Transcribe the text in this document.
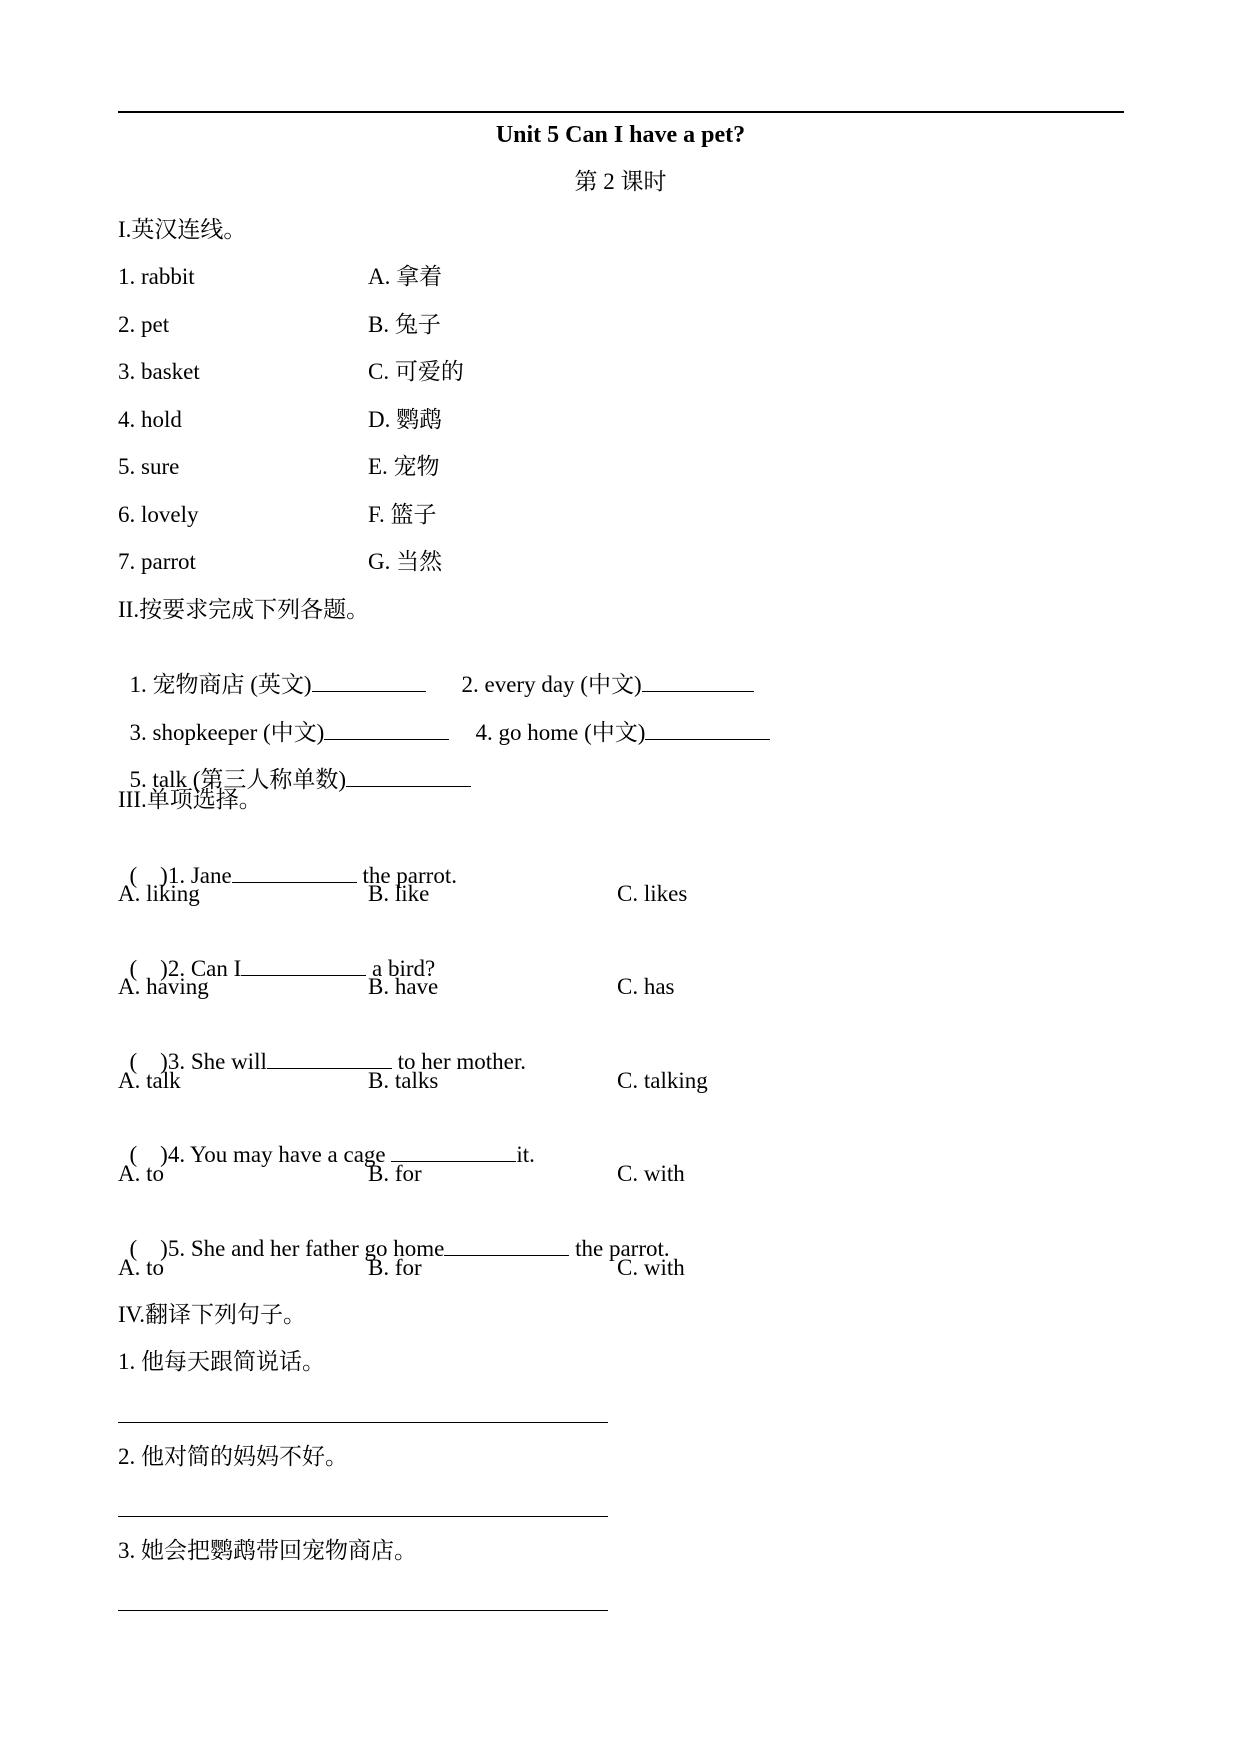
Unit 5 Can I have a pet?
第 2 课时
I.英汉连线。
1. rabbit	A. 拿着
2. pet	B. 兔子
3. basket	C. 可爱的
4. hold	D. 鹦鹉
5. sure	E. 宠物
6. lovely	F. 篮子
7. parrot	G. 当然
II.按要求完成下列各题。

1. 宠物商店 (英文)	2. every day (中文)

3. shopkeeper (中文)	4. go home (中文)

5. talk (第三人称单数)

III.单项选择。

(    )1. Jane	the parrot.

A. liking	B. like	C. likes

(    )2. Can I	a bird?

A. having	B. have	C. has

(    )3. She will	to her mother.

A. talk	B. talks	C. talking

(    )4. You may have a cage	it.

A. to	B. for	C. with

(    )5. She and her father go home	the parrot.

A. to	B. for	C. with
IV.翻译下列句子。
1. 他每天跟简说话。
2. 他对简的妈妈不好。
3. 她会把鹦鹉带回宠物商店。
